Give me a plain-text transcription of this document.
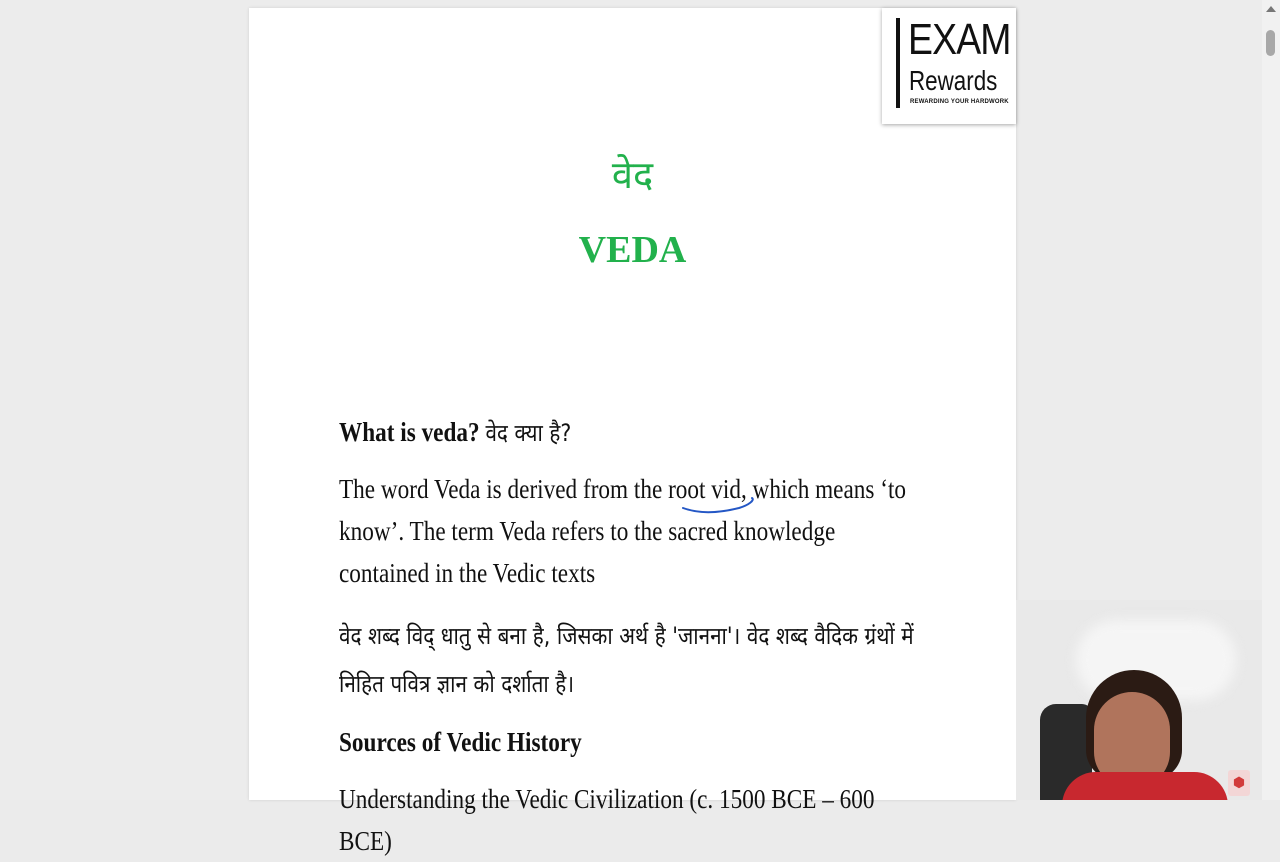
EXAM
Rewards
REWARDING YOUR HARDWORK
वेद
VEDA
What is veda? वेद क्या है?
The word Veda is derived from the root vid, which means ‘to know’. The term Veda refers to the sacred knowledge contained in the Vedic texts
वेद शब्द विद् धातु से बना है, जिसका अर्थ है 'जानना'। वेद शब्द वैदिक ग्रंथों में निहित पवित्र ज्ञान को दर्शाता है।
Sources of Vedic History
Understanding the Vedic Civilization (c. 1500 BCE – 600 BCE)
⬢
